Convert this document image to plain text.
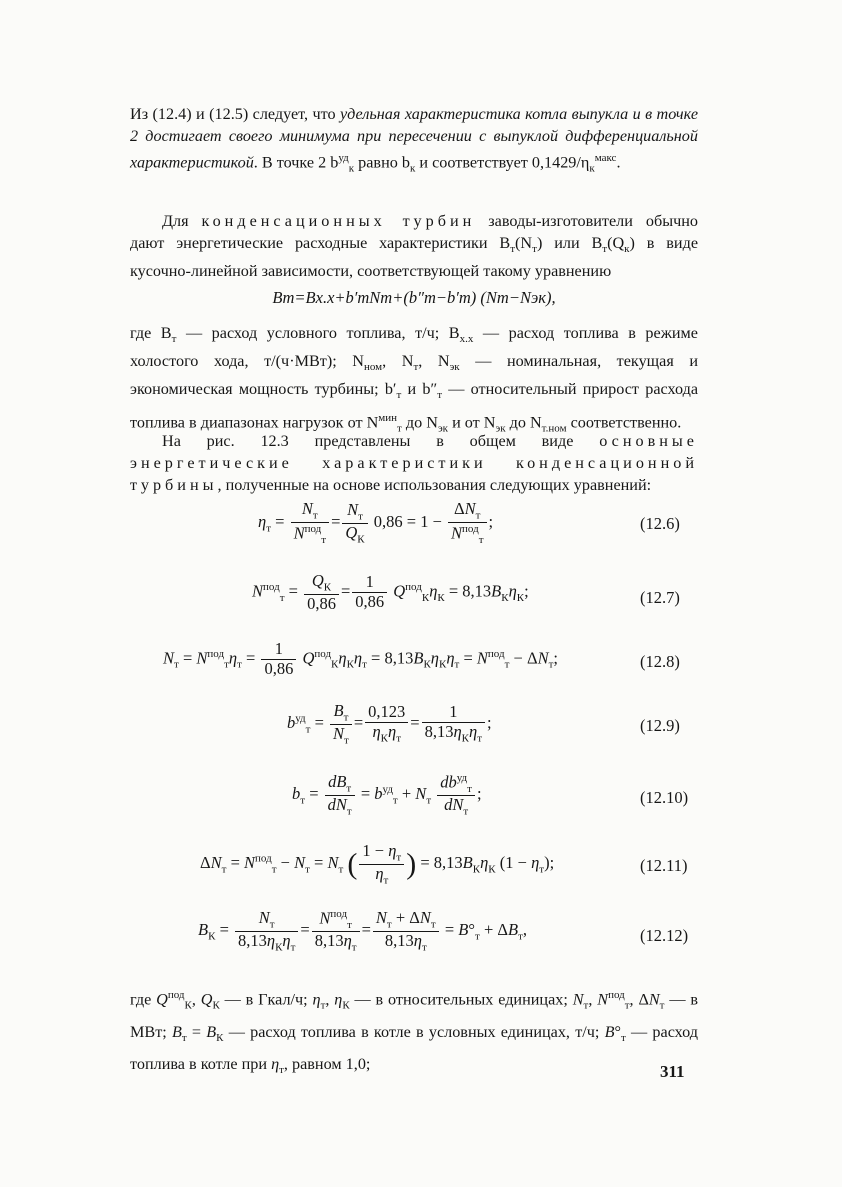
Из (12.4) и (12.5) следует, что удельная характеристика котла выпукла и в точке 2 достигает своего минимума при пересечении с выпуклой дифференциальной характеристикой. В точке 2 $b^{уд}_к$ равно $b_к$ и соответствует $0,1429/\eta_к^{макс}$.

Для конденсационных турбин заводы-изготовители обычно дают энергетические расходные характеристики $B_т(N_т)$ или $B_т(Q_к)$ в виде кусочно-линейной зависимости, соответствующей такому уравнению

Bт=Bх.х+b′тNт+(b″т−b′т) (Nт−Nэк),

где $B_т$ — расход условного топлива, т/ч; $B_{х.х}$ — расход топлива в режиме холостого хода, т/(ч·МВт); $N_{ном}$, $N_т$, $N_{эк}$ — номинальная, текущая и экономическая мощность турбины; $b'_т$ и $b''_т$ — относительный прирост расхода топлива в диапазонах нагрузок от $N^{мин}_т$ до $N_{эк}$ и от $N_{эк}$ до $N_{т.ном}$ соответственно.

На рис. 12.3 представлены в общем виде основные энергетические характеристики конденсационной турбины, полученные на основе использования следующих уравнений:

$\eta_т = \frac{N_т}{N^{под}_т} = \frac{N_т}{Q_К} 0,86 = 1 - \frac{\Delta N_т}{N^{под}_т}$ ;	(12.6)
$N^{под}_т = \frac{Q_К}{0,86} = \frac{1}{0,86} Q^{под}_К\eta_К = 8,13B_К\eta_К$;	(12.7)
$N_т = N^{под}_т\eta_т = \frac{1}{0,86} Q^{под}_К\eta_К\eta_т = 8,13B_К\eta_К\eta_т = N^{под}_т - \Delta N_т$;	(12.8)
$b^{уд}_т = \frac{B_т}{N_т} = \frac{0,123}{\eta_К\eta_т} = \frac{1}{8,13\eta_К\eta_т}$ ;	(12.9)
$b_т = \frac{dB_т}{dN_т} = b^{уд}_т + N_т \frac{db^{уд}_т}{dN_т}$ ;	(12.10)
$\Delta N_т = N^{под}_т - N_т = N_т$ ( $\frac{1 - \eta_т}{\eta_т}$ ) = $8,13B_К\eta_К$ $(1 - \eta_т)$;	(12.11)
$B_К = \frac{N_т}{8,13\eta_К\eta_т} = \frac{N^{под}_т}{8,13\eta_т} = \frac{N_т + \Delta N_т}{8,13\eta_т} = B^\circ_т + \Delta B_т$,	(12.12)

где $Q^{под}_К$, $Q_К$ — в Гкал/ч; $\eta_т$, $\eta_К$ — в относительных единицах; $N_т$, $N^{под}_т$, $\Delta N_т$ — в МВт; $B_т = B_К$ — расход топлива в котле в условных единицах, т/ч; $B^\circ_т$ — расход топлива в котле при $\eta_т$, равном 1,0;	311
